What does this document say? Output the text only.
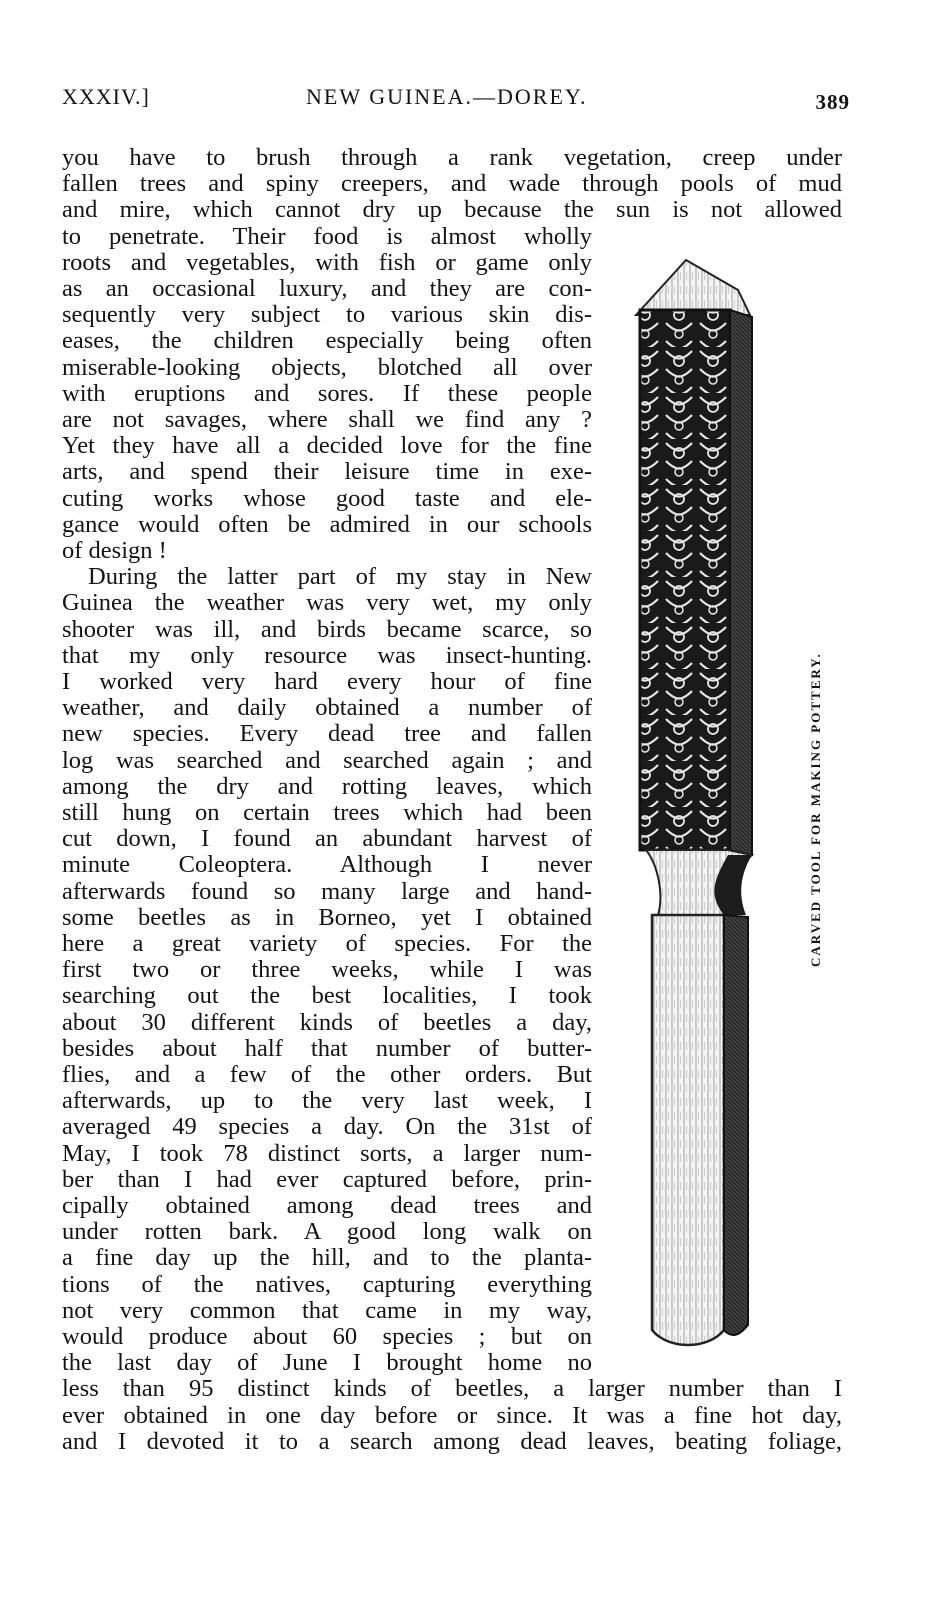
XXXIV.]	NEW GUINEA.—DOREY.	389
you have to brush through a rank vegetation, creep under
fallen trees and spiny creepers, and wade through pools of mud
and mire, which cannot dry up because the sun is not allowed
to penetrate. Their food is almost wholly
roots and vegetables, with fish or game only
as an occasional luxury, and they are con-
sequently very subject to various skin dis-
eases, the children especially being often
miserable-looking objects, blotched all over
with eruptions and sores. If these people
are not savages, where shall we find any ?
Yet they have all a decided love for the fine
arts, and spend their leisure time in exe-
cuting works whose good taste and ele-
gance would often be admired in our schools
of design !
During the latter part of my stay in New
Guinea the weather was very wet, my only
shooter was ill, and birds became scarce, so
that my only resource was insect-hunting.
I worked very hard every hour of fine
weather, and daily obtained a number of
new species. Every dead tree and fallen
log was searched and searched again ; and
among the dry and rotting leaves, which
still hung on certain trees which had been
cut down, I found an abundant harvest of
minute Coleoptera. Although I never
afterwards found so many large and hand-
some beetles as in Borneo, yet I obtained
here a great variety of species. For the
first two or three weeks, while I was
searching out the best localities, I took
about 30 different kinds of beetles a day,
besides about half that number of butter-
flies, and a few of the other orders. But
afterwards, up to the very last week, I
averaged 49 species a day. On the 31st of
May, I took 78 distinct sorts, a larger num-
ber than I had ever captured before, prin-
cipally obtained among dead trees and
under rotten bark. A good long walk on
a fine day up the hill, and to the planta-
tions of the natives, capturing everything
not very common that came in my way,
would produce about 60 species ; but on
the last day of June I brought home no
less than 95 distinct kinds of beetles, a larger number than I
ever obtained in one day before or since. It was a fine hot day,
and I devoted it to a search among dead leaves, beating foliage,
CARVED TOOL FOR MAKING POTTERY.
